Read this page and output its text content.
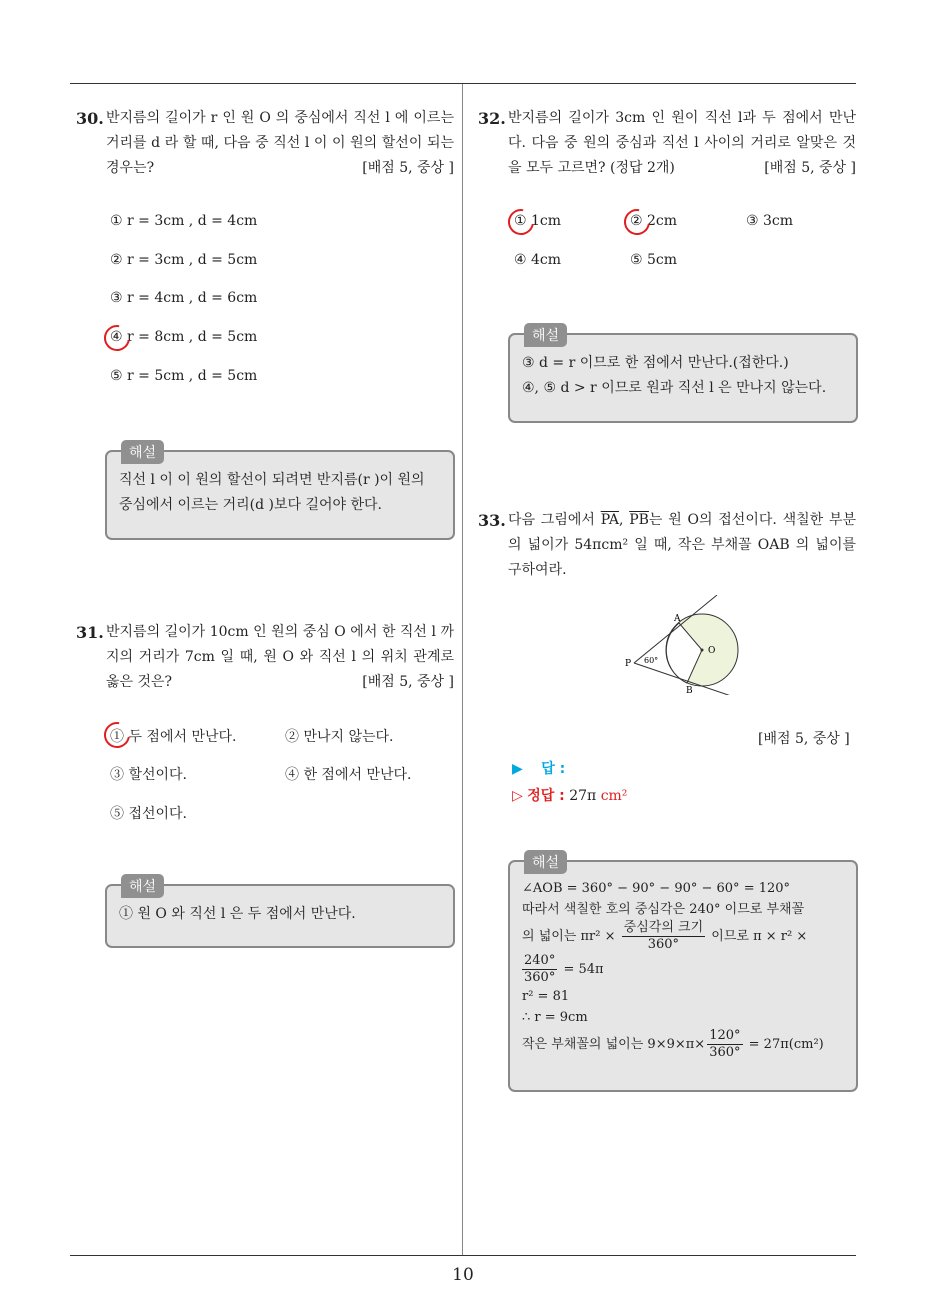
10
30. 반지름의 길이가 r 인 원 O 의 중심에서 직선 l 에 이르는 거리를 d 라 할 때, 다음 중 직선 l 이 이 원의 할선이 되는 경우는?	[배점 5, 중상 ]
① r = 3cm , d = 4cm
② r = 3cm , d = 5cm
③ r = 4cm , d = 6cm
④ r = 8cm , d = 5cm
⑤ r = 5cm , d = 5cm
해설
직선 l 이 이 원의 할선이 되려면 반지름(r )이 원의 중심에서 이르는 거리(d )보다 길어야 한다.
31. 반지름의 길이가 10cm 인 원의 중심 O 에서 한 직선 l 까지의 거리가 7cm 일 때, 원 O 와 직선 l 의 위치 관계로 옳은 것은?	[배점 5, 중상 ]
① 두 점에서 만난다.	② 만나지 않는다.
③ 할선이다.	④ 한 점에서 만난다.
⑤ 접선이다.
해설
① 원 O 와 직선 l 은 두 점에서 만난다.
32. 반지름의 길이가 3cm 인 원이 직선 l과 두 점에서 만난다. 다음 중 원의 중심과 직선 l 사이의 거리로 알맞은 것을 모두 고르면? (정답 2개)	[배점 5, 중상 ]
① 1cm	② 2cm	③ 3cm
④ 4cm	⑤ 5cm
해설
③ d = r 이므로 한 점에서 만난다.(접한다.)
④, ⑤ d > r 이므로 원과 직선 l 은 만나지 않는다.
33. 다음 그림에서 $\overline{PA}$, $\overline{PB}$는 원 O의 접선이다. 색칠한 부분의 넓이가 54πcm² 일 때, 작은 부채꼴 OAB 의 넓이를 구하여라.
A
B
O
P 60°
[배점 5, 중상 ]
▶ 답 :
▷ 정답 : 27π cm²
해설
∠AOB = 360° − 90° − 90° − 60° = 120°
따라서 색칠한 호의 중심각은 240° 이므로 부채꼴
의 넓이는 $\pi r^2 \times \frac{\text{중심각의 크기}}{360^\circ}$ 이므로 π × r² ×
$\frac{240^\circ}{360^\circ} = 54\pi$
r² = 81
∴ r = 9cm
작은 부채꼴의 넓이는 $9\times 9\times\pi\times \frac{120^\circ}{360^\circ} = 27\pi(cm^2)$
